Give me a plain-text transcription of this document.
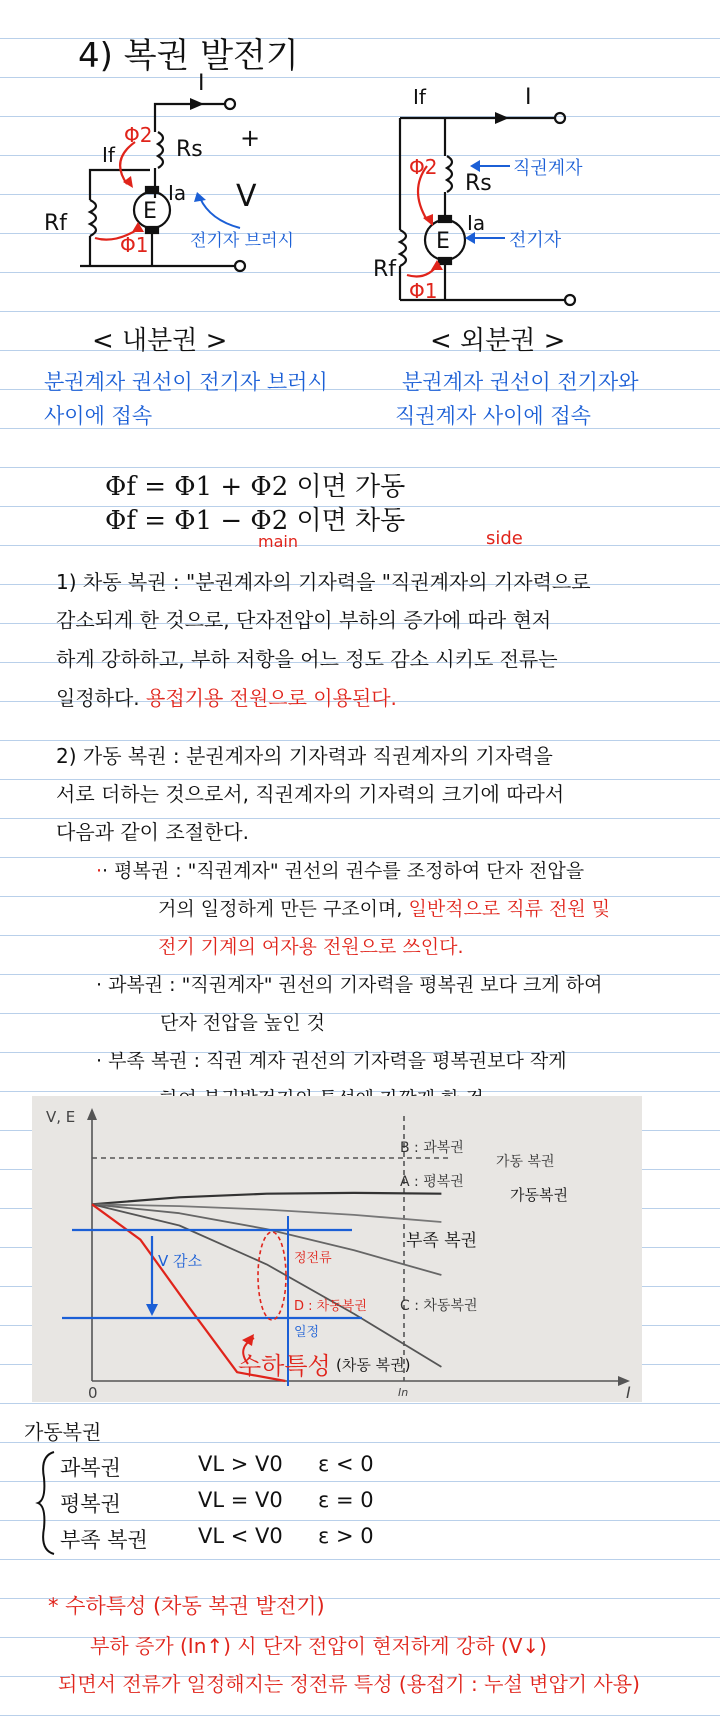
4) 복권 발전기
I
If
Φ2
Rs +
Ia V
Rf	E
Φ1 전기자 브러시
If	I
Φ2
Rs
직권계자
Ia
Rf
E	전기자
Φ1
< 내분권 >	< 외분권 >
분권계자 권선이 전기자 브러시
사이에 접속
분권계자 권선이 전기자와
직권계자 사이에 접속
Φf = Φ1 + Φ2 이면 가동
Φf = Φ1 − Φ2 이면 차동
main	side
1) 차동 복권 : "분권계자의 기자력을 "직권계자의 기자력으로
감소되게 한 것으로, 단자전압이 부하의 증가에 따라 현저
하게 강하하고, 부하 저항을 어느 정도 감소 시키도 전류는
일정하다. 용접기용 전원으로 이용된다.
2) 가동 복권 : 분권계자의 기자력과 직권계자의 기자력을
서로 더하는 것으로서, 직권계자의 기자력의 크기에 따라서
다음과 같이 조절한다.
·· 평복권 : "직권계자" 권선의 권수를 조정하여 단자 전압을
거의 일정하게 만든 구조이며, 일반적으로 직류 전원 및
전기 기계의 여자용 전원으로 쓰인다.
· 과복권 : "직권계자" 권선의 기자력을 평복권 보다 크게 하여
단자 전압을 높인 것
· 부족 복권 : 직권 계자 권선의 기자력을 평복권보다 작게
V, E
0	I
In
B : 과복권
A : 평복권
가동 복권
가동복권
부족 복권
C : 차동복권
V 감소	정전류
D : 차동복권
I 일정
수하특성 (차동 복권)
가동복권
과복권	VL > V0 ε < 0
평복권	VL = V0 ε = 0
부족 복권 VL < V0 ε > 0
* 수하특성 (차동 복권 발전기)
부하 증가 (In↑) 시 단자 전압이 현저하게 강하 (V↓)
되면서 전류가 일정해지는 정전류 특성 (용접기 : 누설 변압기 사용)
